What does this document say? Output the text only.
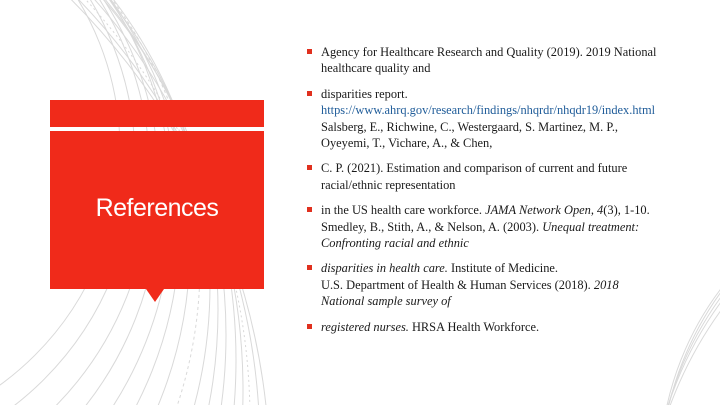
References
Agency for Healthcare Research and Quality (2019). 2019 National
healthcare quality and
disparities report.
https://www.ahrq.gov/research/findings/nhqrdr/nhqdr19/index.html
Salsberg, E., Richwine, C., Westergaard, S. Martinez, M. P.,
Oyeyemi, T., Vichare, A., & Chen,
C. P. (2021). Estimation and comparison of current and future
racial/ethnic representation
in the US health care workforce. JAMA Network Open, 4(3), 1-10.
Smedley, B., Stith, A., & Nelson, A. (2003). Unequal treatment:
Confronting racial and ethnic
disparities in health care. Institute of Medicine.
U.S. Department of Health & Human Services (2018). 2018
National sample survey of
registered nurses. HRSA Health Workforce.
